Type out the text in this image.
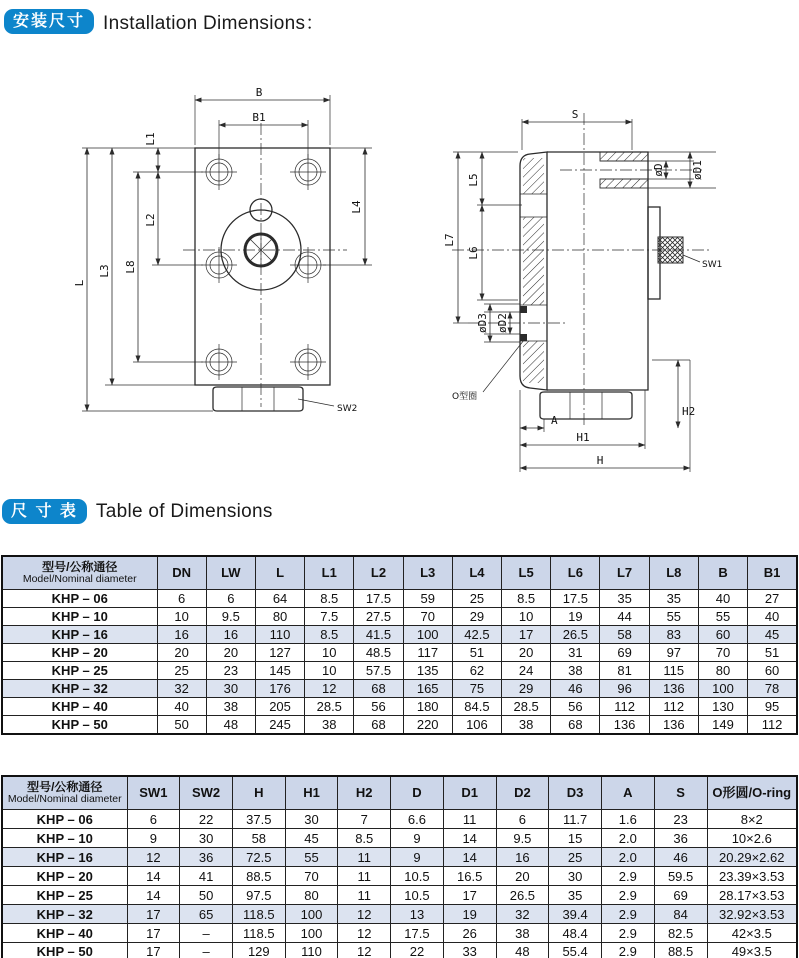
安装尺寸 Installation Dimensions：
B
B1
L
L3 L8
L2
L1
L4
SW2
S
L5
L6
L7
øD øD1
øD3 øD2
SW1
O型圈
A
H1
H
H2
尺 寸 表 Table of Dimensions
型号/公称通径
Model/Nominal diameter	DN	LW	L	L1	L2	L3	L4	L5	L6	L7	L8	B	B1
KHP – 06	6	6	64	8.5	17.5	59	25	8.5	17.5	35	35	40	27
KHP – 10	10	9.5	80	7.5	27.5	70	29	10	19	44	55	55	40
KHP – 16	16	16	110	8.5	41.5	100	42.5	17	26.5	58	83	60	45
KHP – 20	20	20	127	10	48.5	117	51	20	31	69	97	70	51
KHP – 25	25	23	145	10	57.5	135	62	24	38	81	115	80	60
KHP – 32	32	30	176	12	68	165	75	29	46	96	136	100	78
KHP – 40	40	38	205	28.5	56	180	84.5	28.5	56	112	112	130	95
KHP – 50	50	48	245	38	68	220	106	38	68	136	136	149	112
型号/公称通径
Model/Nominal diameter	SW1	SW2	H	H1	H2	D	D1	D2	D3	A	S	O形圆/O-ring
KHP – 06	6	22	37.5	30	7	6.6	11	6	11.7	1.6	23	8×2
KHP – 10	9	30	58	45	8.5	9	14	9.5	15	2.0	36	10×2.6
KHP – 16	12	36	72.5	55	11	9	14	16	25	2.0	46	20.29×2.62
KHP – 20	14	41	88.5	70	11	10.5	16.5	20	30	2.9	59.5	23.39×3.53
KHP – 25	14	50	97.5	80	11	10.5	17	26.5	35	2.9	69	28.17×3.53
KHP – 32	17	65	118.5	100	12	13	19	32	39.4	2.9	84	32.92×3.53
KHP – 40	17	–	118.5	100	12	17.5	26	38	48.4	2.9	82.5	42×3.5
KHP – 50	17	–	129	110	12	22	33	48	55.4	2.9	88.5	49×3.5
